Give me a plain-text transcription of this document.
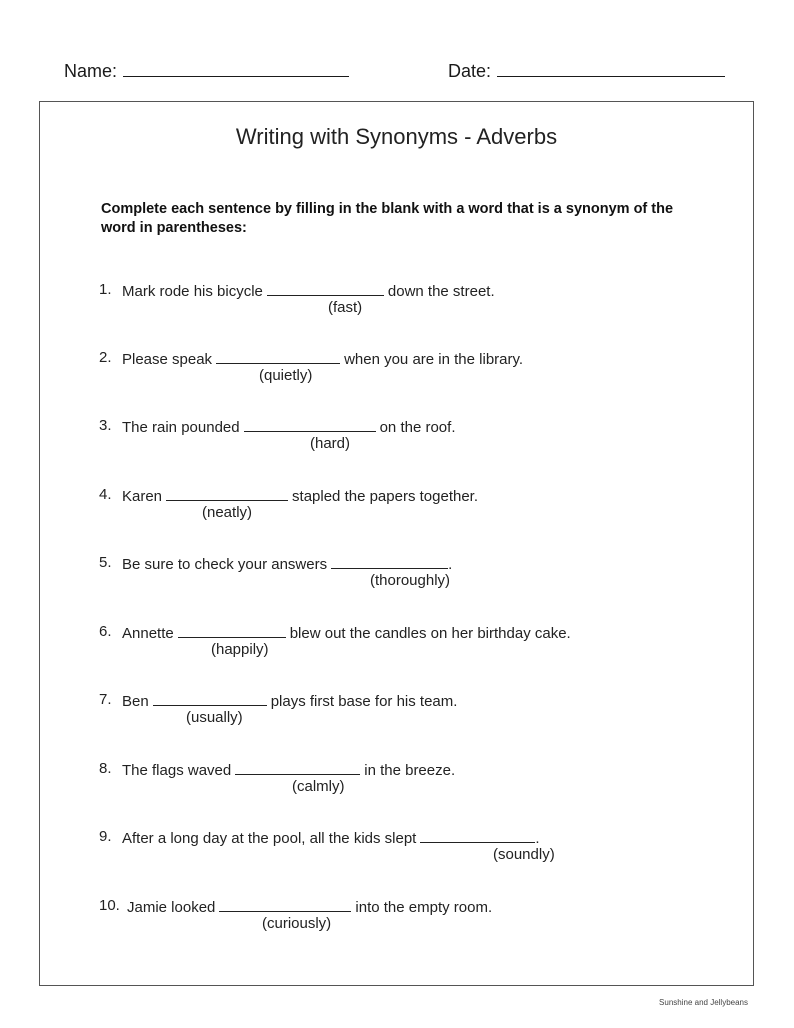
Name:	Date:
Writing with Synonyms - Adverbs
Complete each sentence by filling in the blank with a word that is a synonym of the word in parentheses:
1. Mark rode his bicycle	down the street.
(fast)
2. Please speak	when you are in the library.
(quietly)
3. The rain pounded	on the roof.
(hard)
4. Karen	stapled the papers together.
(neatly)
5. Be sure to check your answers	.
(thoroughly)
6. Annette	blew out the candles on her birthday cake.
(happily)
7. Ben	plays first base for his team.
(usually)
8. The flags waved	in the breeze.
(calmly)
9. After a long day at the pool, all the kids slept	.
(soundly)
10. Jamie looked	into the empty room.
(curiously)
Sunshine and Jellybeans
